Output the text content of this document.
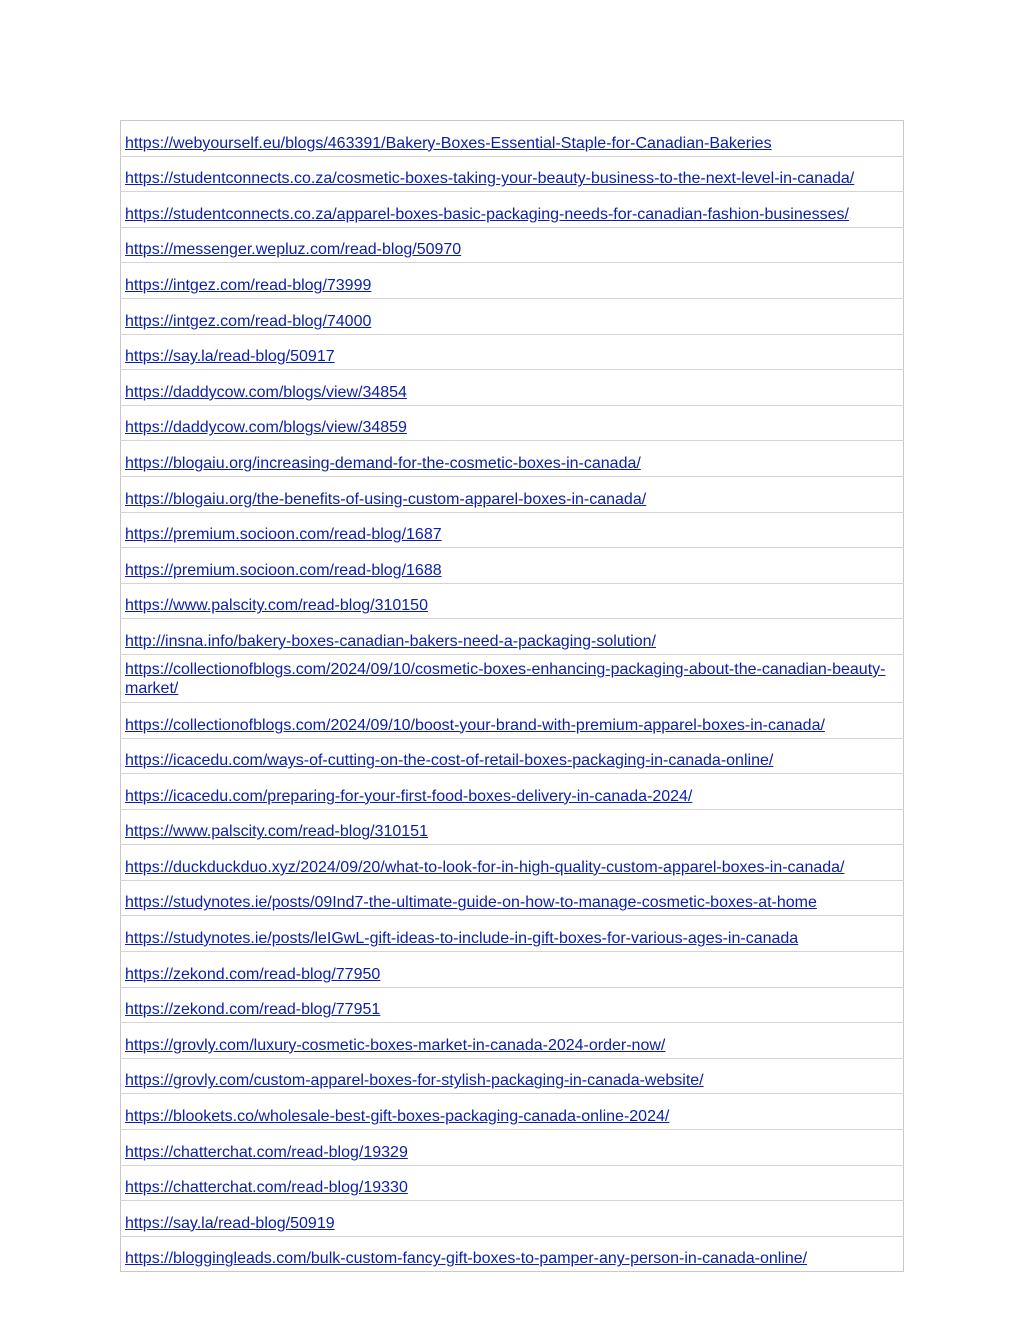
https://webyourself.eu/blogs/463391/Bakery-Boxes-Essential-Staple-for-Canadian-Bakeries
https://studentconnects.co.za/cosmetic-boxes-taking-your-beauty-business-to-the-next-level-in-canada/
https://studentconnects.co.za/apparel-boxes-basic-packaging-needs-for-canadian-fashion-businesses/
https://messenger.wepluz.com/read-blog/50970
https://intgez.com/read-blog/73999
https://intgez.com/read-blog/74000
https://say.la/read-blog/50917
https://daddycow.com/blogs/view/34854
https://daddycow.com/blogs/view/34859
https://blogaiu.org/increasing-demand-for-the-cosmetic-boxes-in-canada/
https://blogaiu.org/the-benefits-of-using-custom-apparel-boxes-in-canada/
https://premium.socioon.com/read-blog/1687
https://premium.socioon.com/read-blog/1688
https://www.palscity.com/read-blog/310150
http://insna.info/bakery-boxes-canadian-bakers-need-a-packaging-solution/
https://collectionofblogs.com/2024/09/10/cosmetic-boxes-enhancing-packaging-about-the-canadian-beauty-market/
https://collectionofblogs.com/2024/09/10/boost-your-brand-with-premium-apparel-boxes-in-canada/
https://icacedu.com/ways-of-cutting-on-the-cost-of-retail-boxes-packaging-in-canada-online/
https://icacedu.com/preparing-for-your-first-food-boxes-delivery-in-canada-2024/
https://www.palscity.com/read-blog/310151
https://duckduckduo.xyz/2024/09/20/what-to-look-for-in-high-quality-custom-apparel-boxes-in-canada/
https://studynotes.ie/posts/09Ind7-the-ultimate-guide-on-how-to-manage-cosmetic-boxes-at-home
https://studynotes.ie/posts/leIGwL-gift-ideas-to-include-in-gift-boxes-for-various-ages-in-canada
https://zekond.com/read-blog/77950
https://zekond.com/read-blog/77951
https://grovly.com/luxury-cosmetic-boxes-market-in-canada-2024-order-now/
https://grovly.com/custom-apparel-boxes-for-stylish-packaging-in-canada-website/
https://blookets.co/wholesale-best-gift-boxes-packaging-canada-online-2024/
https://chatterchat.com/read-blog/19329
https://chatterchat.com/read-blog/19330
https://say.la/read-blog/50919
https://bloggingleads.com/bulk-custom-fancy-gift-boxes-to-pamper-any-person-in-canada-online/
